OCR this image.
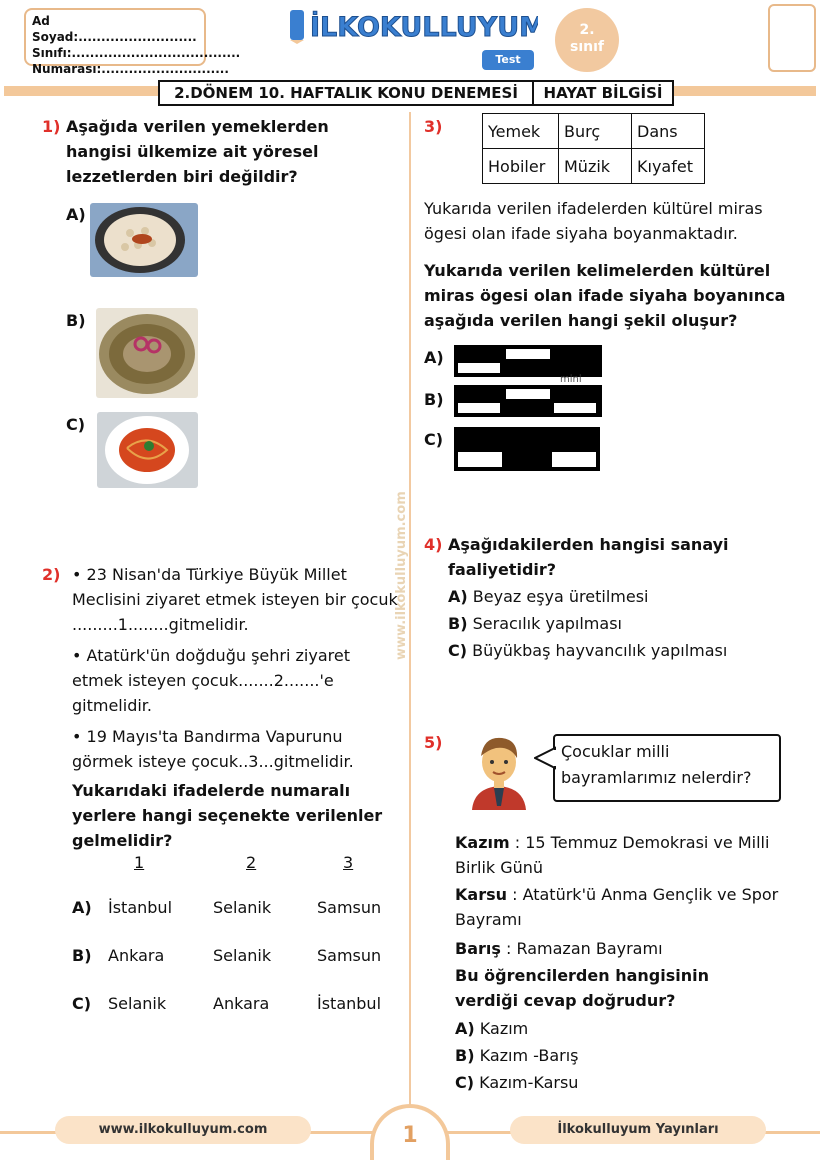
Ad Soyad:..........................
Sınıfı:.....................................
Numarası:............................
İLKOKULLUYUM
Test
2.
sınıf
2.DÖNEM 10. HAFTALIK KONU DENEMESİ	HAYAT BİLGİSİ
www.ilkokulluyum.com
1) Aşağıda verilen yemeklerden hangisi ülkemize ait yöresel lezzetlerden biri değildir?
A)
B)
C)
2) • 23 Nisan'da Türkiye Büyük Millet Meclisini ziyaret etmek isteyen bir çocuk .........1........gitmelidir.
• Atatürk'ün doğduğu şehri ziyaret etmek isteyen çocuk.......2.......'e gitmelidir.
• 19 Mayıs'ta Bandırma Vapurunu görmek isteye çocuk..3...gitmelidir.
Yukarıdaki ifadelerde numaralı yerlere hangi seçenekte verilenler gelmelidir?
1	2	3
A) İstanbul	Selanik	Samsun
B) Ankara	Selanik	Samsun
C) Selanik	Ankara	İstanbul
3)	Yemek	Burç	Dans
Hobiler	Müzik	Kıyafet
Yukarıda verilen ifadelerden kültürel miras ögesi olan ifade siyaha boyanmaktadır.
Yukarıda verilen kelimelerden kültürel miras ögesi olan ifade siyaha boyanınca aşağıda verilen hangi şekil oluşur?
A)
mini
B)
C)
4) Aşağıdakilerden hangisi sanayi faaliyetidir?
A) Beyaz eşya üretilmesi
B) Seracılık yapılması
C) Büyükbaş hayvancılık yapılması
5)	Çocuklar milli bayramlarımız nelerdir?
Kazım : 15 Temmuz Demokrasi ve Milli Birlik Günü
Karsu : Atatürk'ü Anma Gençlik ve Spor Bayramı
Barış : Ramazan Bayramı
Bu öğrencilerden hangisinin verdiği cevap doğrudur?
A) Kazım
B) Kazım -Barış
C) Kazım-Karsu
www.ilkokulluyum.com	1	İlkokulluyum Yayınları
